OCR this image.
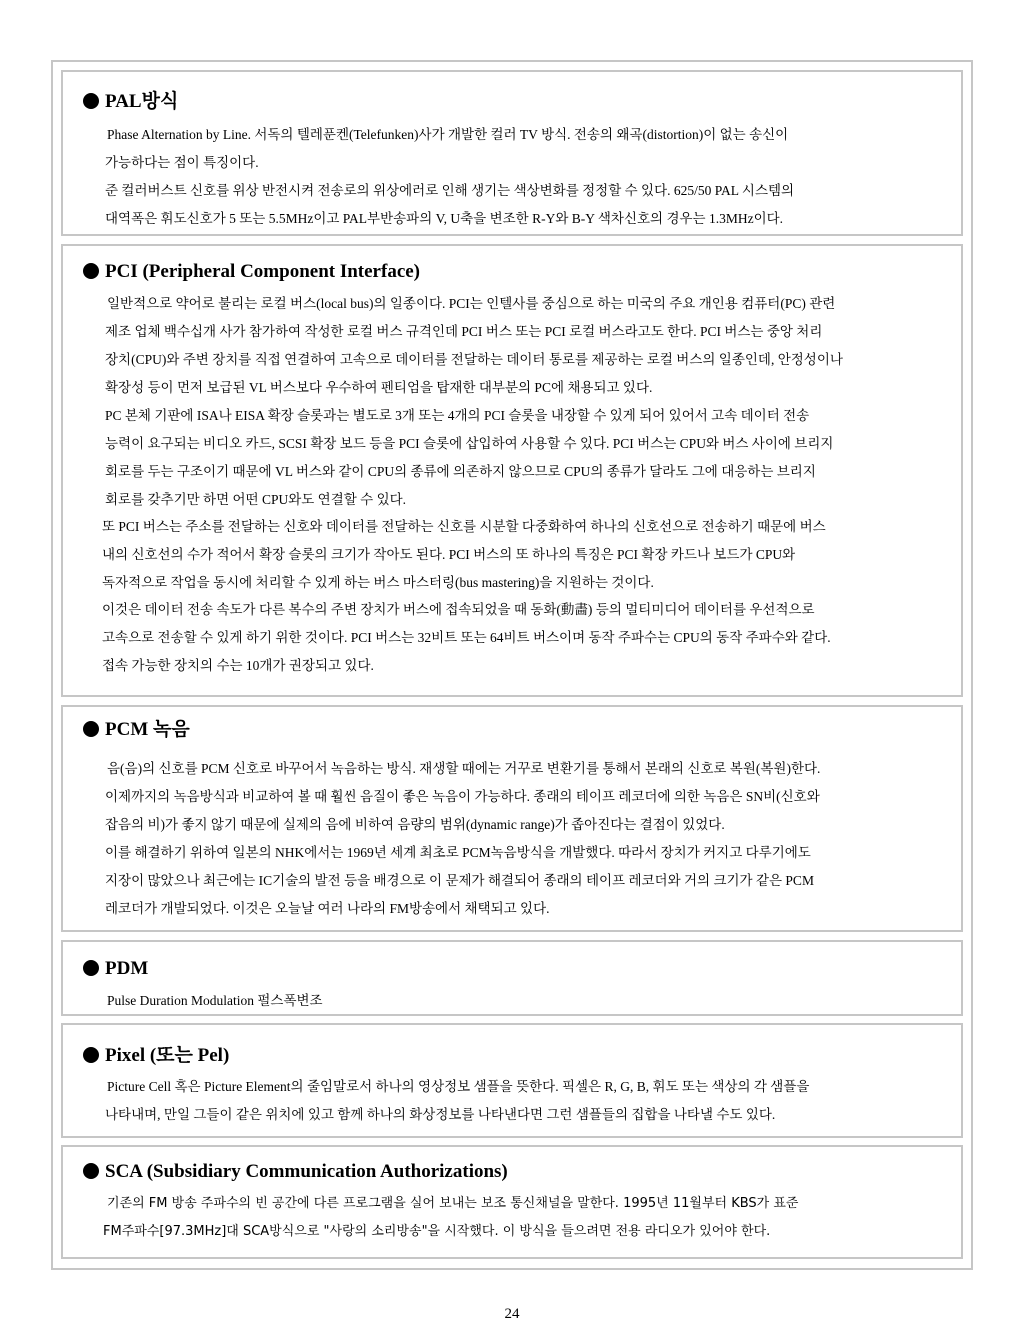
PAL방식
Phase Alternation by Line. 서독의 텔레푼켄(Telefunken)사가 개발한 컬러 TV 방식. 전송의 왜곡(distortion)이 없는 송신이
가능하다는 점이 특징이다.
준 컬러버스트 신호를 위상 반전시켜 전송로의 위상에러로 인해 생기는 색상변화를 정정할 수 있다. 625/50 PAL 시스템의
대역폭은 휘도신호가 5 또는 5.5MHz이고 PAL부반송파의 V, U축을 변조한 R-Y와 B-Y 색차신호의 경우는 1.3MHz이다.
PCI (Peripheral Component Interface)
일반적으로 약어로 불리는 로컬 버스(local bus)의 일종이다. PCI는 인텔사를 중심으로 하는 미국의 주요 개인용 컴퓨터(PC) 관련
제조 업체 백수십개 사가 참가하여 작성한 로컬 버스 규격인데 PCI 버스 또는 PCI 로컬 버스라고도 한다. PCI 버스는 중앙 처리
장치(CPU)와 주변 장치를 직접 연결하여 고속으로 데이터를 전달하는 데이터 통로를 제공하는 로컬 버스의 일종인데, 안정성이나
확장성 등이 먼저 보급된 VL 버스보다 우수하여 펜티엄을 탑재한 대부분의 PC에 채용되고 있다.
PC 본체 기판에 ISA나 EISA 확장 슬롯과는 별도로 3개 또는 4개의 PCI 슬롯을 내장할 수 있게 되어 있어서 고속 데이터 전송
능력이 요구되는 비디오 카드, SCSI 확장 보드 등을 PCI 슬롯에 삽입하여 사용할 수 있다. PCI 버스는 CPU와 버스 사이에 브리지
회로를 두는 구조이기 때문에 VL 버스와 같이 CPU의 종류에 의존하지 않으므로 CPU의 종류가 달라도 그에 대응하는 브리지
회로를 갖추기만 하면 어떤 CPU와도 연결할 수 있다.
또 PCI 버스는 주소를 전달하는 신호와 데이터를 전달하는 신호를 시분할 다중화하여 하나의 신호선으로 전송하기 때문에 버스
내의 신호선의 수가 적어서 확장 슬롯의 크기가 작아도 된다. PCI 버스의 또 하나의 특징은 PCI 확장 카드나 보드가 CPU와
독자적으로 작업을 동시에 처리할 수 있게 하는 버스 마스터링(bus mastering)을 지원하는 것이다.
이것은 데이터 전송 속도가 다른 복수의 주변 장치가 버스에 접속되었을 때 동화(動畵) 등의 멀티미디어 데이터를 우선적으로
고속으로 전송할 수 있게 하기 위한 것이다. PCI 버스는 32비트 또는 64비트 버스이며 동작 주파수는 CPU의 동작 주파수와 같다.
접속 가능한 장치의 수는 10개가 권장되고 있다.
PCM 녹음
음(음)의 신호를 PCM 신호로 바꾸어서 녹음하는 방식. 재생할 때에는 거꾸로 변환기를 통해서 본래의 신호로 복원(복원)한다.
이제까지의 녹음방식과 비교하여 볼 때 훨씬 음질이 좋은 녹음이 가능하다. 종래의 테이프 레코더에 의한 녹음은 SN비(신호와
잡음의 비)가 좋지 않기 때문에 실제의 음에 비하여 음량의 범위(dynamic range)가 좁아진다는 결점이 있었다.
이를 해결하기 위하여 일본의 NHK에서는 1969년 세계 최초로 PCM녹음방식을 개발했다. 따라서 장치가 커지고 다루기에도
지장이 많았으나 최근에는 IC기술의 발전 등을 배경으로 이 문제가 해결되어 종래의 테이프 레코더와 거의 크기가 같은 PCM
레코더가 개발되었다. 이것은 오늘날 여러 나라의 FM방송에서 채택되고 있다.
PDM
Pulse Duration Modulation 펄스폭변조
Pixel (또는 Pel)
Picture Cell 혹은 Picture Element의 줄임말로서 하나의 영상정보 샘플을 뜻한다. 픽셀은 R, G, B, 휘도 또는 색상의 각 샘플을
나타내며, 만일 그들이 같은 위치에 있고 함께 하나의 화상정보를 나타낸다면 그런 샘플들의 집합을 나타낼 수도 있다.
SCA (Subsidiary Communication Authorizations)
기존의 FM 방송 주파수의 빈 공간에 다른 프로그램을 실어 보내는 보조 통신채널을 말한다. 1995년 11월부터 KBS가 표준
FM주파수[97.3MHz]대 SCA방식으로 "사랑의 소리방송"을 시작했다. 이 방식을 들으려면 전용 라디오가 있어야 한다.
24
